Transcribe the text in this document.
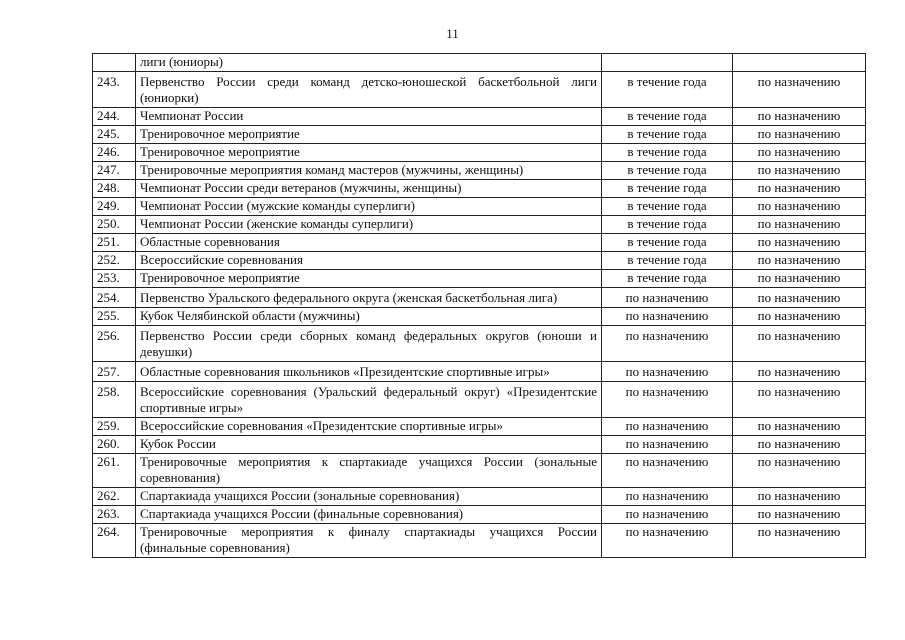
11
	лиги (юниоры)		
243.	Первенство России среди команд детско-юношеской баскетбольной лиги (юниорки)	в течение года	по назначению
244.	Чемпионат России	в течение года	по назначению
245.	Тренировочное мероприятие	в течение года	по назначению
246.	Тренировочное мероприятие	в течение года	по назначению
247.	Тренировочные мероприятия команд мастеров (мужчины, женщины)	в течение года	по назначению
248.	Чемпионат России среди ветеранов (мужчины, женщины)	в течение года	по назначению
249.	Чемпионат России (мужские команды суперлиги)	в течение года	по назначению
250.	Чемпионат России (женские команды суперлиги)	в течение года	по назначению
251.	Областные соревнования	в течение года	по назначению
252.	Всероссийские соревнования	в течение года	по назначению
253.	Тренировочное мероприятие	в течение года	по назначению
254.	Первенство Уральского федерального округа (женская баскетбольная лига)	по назначению	по назначению
255.	Кубок Челябинской области (мужчины)	по назначению	по назначению
256.	Первенство России среди сборных команд федеральных округов (юноши и девушки)	по назначению	по назначению
257.	Областные соревнования школьников «Президентские спортивные игры»	по назначению	по назначению
258.	Всероссийские соревнования (Уральский федеральный округ) «Президентские спортивные игры»	по назначению	по назначению
259.	Всероссийские соревнования «Президентские спортивные игры»	по назначению	по назначению
260.	Кубок России	по назначению	по назначению
261.	Тренировочные мероприятия к спартакиаде учащихся России (зональные соревнования)	по назначению	по назначению
262.	Спартакиада учащихся России (зональные соревнования)	по назначению	по назначению
263.	Спартакиада учащихся России (финальные соревнования)	по назначению	по назначению
264.	Тренировочные мероприятия к финалу спартакиады учащихся России (финальные соревнования)	по назначению	по назначению
